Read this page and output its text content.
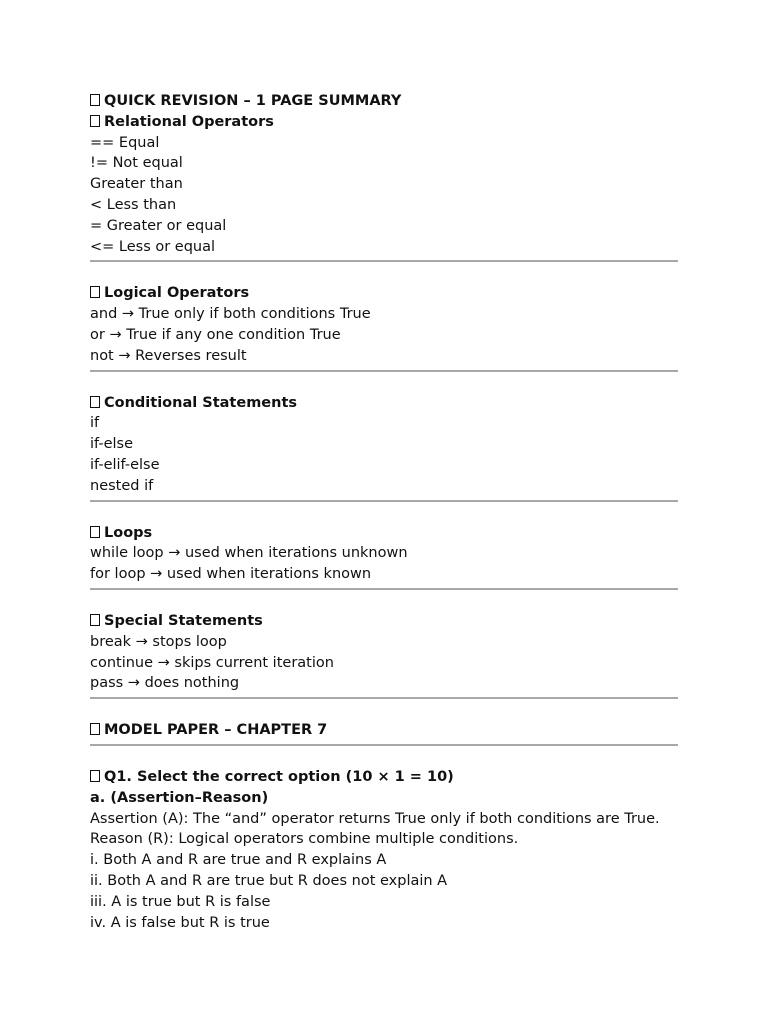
QUICK REVISION – 1 PAGE SUMMARY
Relational Operators
== Equal
!= Not equal
Greater than
< Less than
= Greater or equal
<= Less or equal
Logical Operators
and → True only if both conditions True
or → True if any one condition True
not → Reverses result
Conditional Statements
if
if-else
if-elif-else
nested if
Loops
while loop → used when iterations unknown
for loop → used when iterations known
Special Statements
break → stops loop
continue → skips current iteration
pass → does nothing
MODEL PAPER – CHAPTER 7
Q1. Select the correct option (10 × 1 = 10)
a. (Assertion–Reason)
Assertion (A): The “and” operator returns True only if both conditions are True.
Reason (R): Logical operators combine multiple conditions.
i. Both A and R are true and R explains A
ii. Both A and R are true but R does not explain A
iii. A is true but R is false
iv. A is false but R is true
